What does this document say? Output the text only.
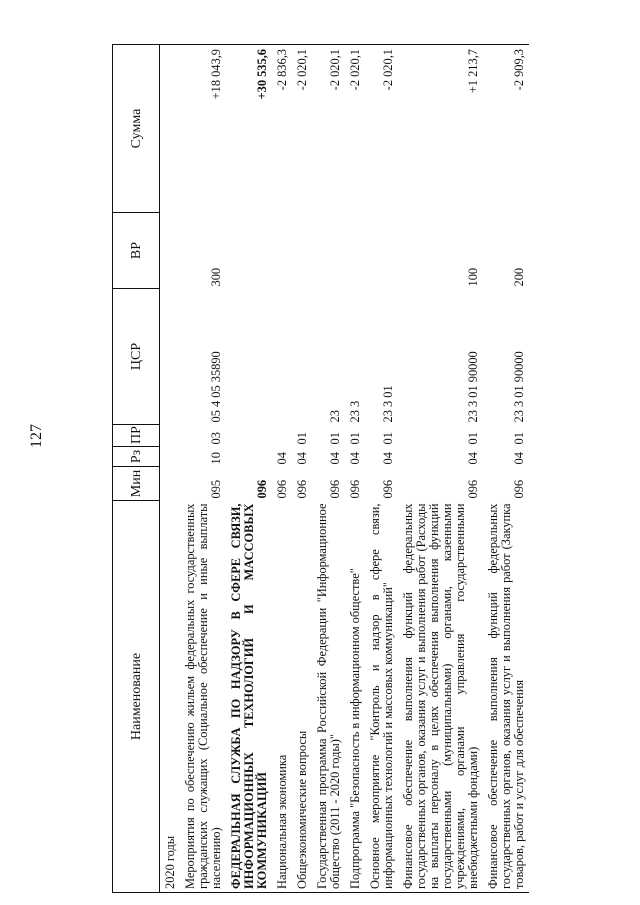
127
Наименование	Мин	Рз	ПР	ЦСР	ВР	Сумма
2020 годы						
Мероприятия по обеспечению жильем федеральных государственных гражданских служащих (Социальное обеспечение и иные выплаты населению)	095	10	03	05 4 05 35890	300	+18 043,9
ФЕДЕРАЛЬНАЯ СЛУЖБА ПО НАДЗОРУ В СФЕРЕ СВЯЗИ, ИНФОРМАЦИОННЫХ ТЕХНОЛОГИЙ И МАССОВЫХ КОММУНИКАЦИЙ	096					+30 535,6
Национальная экономика	096	04				-2 836,3
Общеэкономические вопросы	096	04	01			-2 020,1
Государственная программа Российской Федерации "Информационное общество (2011 - 2020 годы)"	096	04	01	23		-2 020,1
Подпрограмма "Безопасность в информационном обществе"	096	04	01	23 3		-2 020,1
Основное мероприятие "Контроль и надзор в сфере связи, информационных технологий и массовых коммуникаций"	096	04	01	23 3 01		-2 020,1
Финансовое обеспечение выполнения функций федеральных государственных органов, оказания услуг и выполнения работ (Расходы на выплаты персоналу в целях обеспечения выполнения функций государственными (муниципальными) органами, казенными учреждениями, органами управления государственными внебюджетными фондами)	096	04	01	23 3 01 90000	100	+1 213,7
Финансовое обеспечение выполнения функций федеральных государственных органов, оказания услуг и выполнения работ (Закупка товаров, работ и услуг для обеспечения	096	04	01	23 3 01 90000	200	-2 909,3
